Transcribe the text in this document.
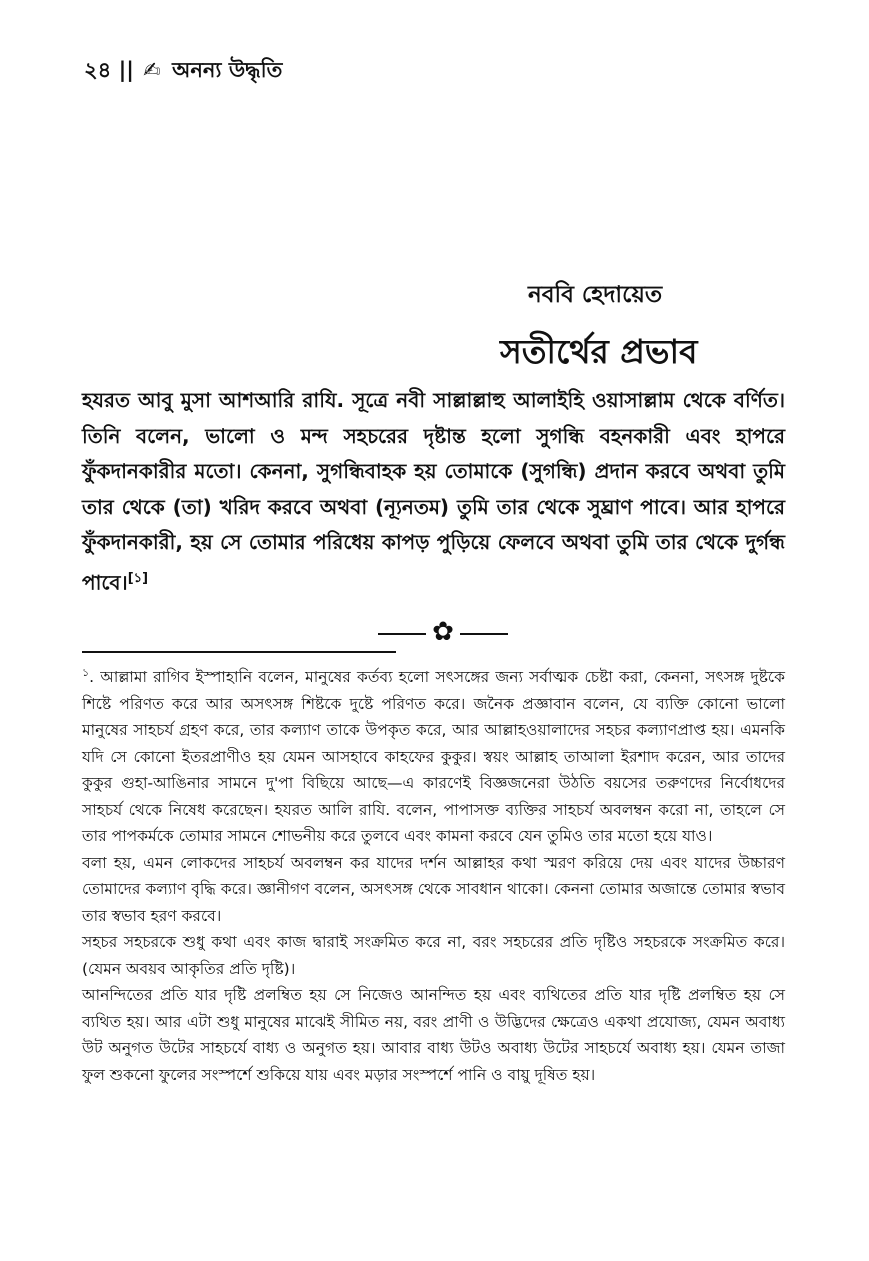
২৪ || ✍ অনন্য উদ্ধৃতি
নববি হেদায়েত
সতীর্থের প্রভাব
হযরত আবু মুসা আশআরি রাযি. সূত্রে নবী সাল্লাল্লাহু আলাইহি ওয়াসাল্লাম থেকে বর্ণিত। তিনি বলেন, ভালো ও মন্দ সহচরের দৃষ্টান্ত হলো সুগন্ধি বহনকারী এবং হাপরে ফুঁকদানকারীর মতো। কেননা, সুগন্ধিবাহক হয় তোমাকে (সুগন্ধি) প্রদান করবে অথবা তুমি তার থেকে (তা) খরিদ করবে অথবা (ন্যূনতম) তুমি তার থেকে সুঘ্রাণ পাবে। আর হাপরে ফুঁকদানকারী, হয় সে তোমার পরিধেয় কাপড় পুড়িয়ে ফেলবে অথবা তুমি তার থেকে দুর্গন্ধ পাবে।[১]
✿

$^১$. আল্লামা রাগিব ইস্পাহানি বলেন, মানুষের কর্তব্য হলো সৎসঙ্গের জন্য সর্বাত্মক চেষ্টা করা, কেননা, সৎসঙ্গ দুষ্টকে শিষ্টে পরিণত করে আর অসৎসঙ্গ শিষ্টকে দুষ্টে পরিণত করে। জনৈক প্রজ্ঞাবান বলেন, যে ব্যক্তি কোনো ভালো মানুষের সাহচর্য গ্রহণ করে, তার কল্যাণ তাকে উপকৃত করে, আর আল্লাহওয়ালাদের সহচর কল্যাণপ্রাপ্ত হয়। এমনকি যদি সে কোনো ইতরপ্রাণীও হয় যেমন আসহাবে কাহফের কুকুর। স্বয়ং আল্লাহ তাআলা ইরশাদ করেন, আর তাদের কুকুর গুহা-আঙিনার সামনে দু'পা বিছিয়ে আছে—এ কারণেই বিজ্ঞজনেরা উঠতি বয়সের তরুণদের নির্বোধদের সাহচর্য থেকে নিষেধ করেছেন। হযরত আলি রাযি. বলেন, পাপাসক্ত ব্যক্তির সাহচর্য অবলম্বন করো না, তাহলে সে তার পাপকর্মকে তোমার সামনে শোভনীয় করে তুলবে এবং কামনা করবে যেন তুমিও তার মতো হয়ে যাও।

বলা হয়, এমন লোকদের সাহচর্য অবলম্বন কর যাদের দর্শন আল্লাহর কথা স্মরণ করিয়ে দেয় এবং যাদের উচ্চারণ তোমাদের কল্যাণ বৃদ্ধি করে। জ্ঞানীগণ বলেন, অসৎসঙ্গ থেকে সাবধান থাকো। কেননা তোমার অজান্তে তোমার স্বভাব তার স্বভাব হরণ করবে।

সহচর সহচরকে শুধু কথা এবং কাজ দ্বারাই সংক্রমিত করে না, বরং সহচরের প্রতি দৃষ্টিও সহচরকে সংক্রমিত করে। (যেমন অবয়ব আকৃতির প্রতি দৃষ্টি)।

আনন্দিতের প্রতি যার দৃষ্টি প্রলম্বিত হয় সে নিজেও আনন্দিত হয় এবং ব্যথিতের প্রতি যার দৃষ্টি প্রলম্বিত হয় সে ব্যথিত হয়। আর এটা শুধু মানুষের মাঝেই সীমিত নয়, বরং প্রাণী ও উদ্ভিদের ক্ষেত্রেও একথা প্রযোজ্য, যেমন অবাধ্য উট অনুগত উটের সাহচর্যে বাধ্য ও অনুগত হয়। আবার বাধ্য উটও অবাধ্য উটের সাহচর্যে অবাধ্য হয়। যেমন তাজা ফুল শুকনো ফুলের সংস্পর্শে শুকিয়ে যায় এবং মড়ার সংস্পর্শে পানি ও বায়ু দূষিত হয়।
